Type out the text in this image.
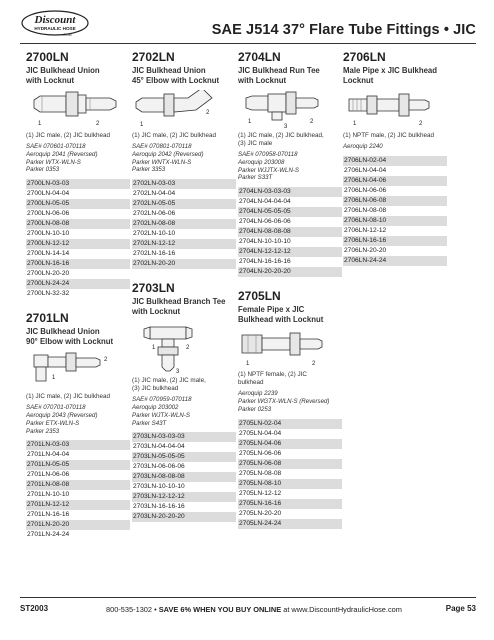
Discount
HYDRAULIC HOSE
.COM	SAE J514 37° Flare Tube Fittings • JIC
2700LN
JIC Bulkhead Union
with Locknut
1	2
(1) JIC male, (2) JIC bulkhead
SAE# 070601-070118
Aeroquip 2041 (Reversed)
Parker WTX-WLN-S
Parker 0353
2700LN-03-03
2700LN-04-04
2700LN-05-05
2700LN-06-06
2700LN-08-08
2700LN-10-10
2700LN-12-12
2700LN-14-14
2700LN-16-16
2700LN-20-20
2700LN-24-24
2700LN-32-32
2701LN
JIC Bulkhead Union
90° Elbow with Locknut
1
2
(1) JIC male, (2) JIC bulkhead
SAE# 070701-070118
Aeroquip 2043 (Reversed)
Parker ETX-WLN-S
Parker 2353
2701LN-03-03
2701LN-04-04
2701LN-05-05
2701LN-06-06
2701LN-08-08
2701LN-10-10
2701LN-12-12
2701LN-16-16
2701LN-20-20
2701LN-24-24
2702LN
JIC Bulkhead Union
45° Elbow with Locknut
1
2
(1) JIC male, (2) JIC bulkhead
SAE# 070801-070118
Aeroquip 2042 (Reversed)
Parker WNTX-WLN-S
Parker 3353
2702LN-03-03
2702LN-04-04
2702LN-05-05
2702LN-06-06
2702LN-08-08
2702LN-10-10
2702LN-12-12
2702LN-16-16
2702LN-20-20
2703LN
JIC Bulkhead Branch Tee
with Locknut
1	2
3
(1) JIC male, (2) JIC male,
(3) JIC bulkhead
SAE# 070959-070118
Aeroquip 203002
Parker WJTX-WLN-S
Parker S43T
2703LN-03-03-03
2703LN-04-04-04
2703LN-05-05-05
2703LN-06-06-06
2703LN-08-08-08
2703LN-10-10-10
2703LN-12-12-12
2703LN-16-16-16
2703LN-20-20-20
2704LN
JIC Bulkhead Run Tee
with Locknut
1	2
3
(1) JIC male, (2) JIC bulkhead,
(3) JIC male
SAE# 070958-070118
Aeroquip 203008
Parker WJJTX-WLN-S
Parker S33T
2704LN-03-03-03
2704LN-04-04-04
2704LN-05-05-05
2704LN-06-06-06
2704LN-08-08-08
2704LN-10-10-10
2704LN-12-12-12
2704LN-16-16-16
2704LN-20-20-20
2705LN
Female Pipe x JIC
Bulkhead with Locknut
1	2
(1) NPTF female, (2) JIC
bulkhead
Aeroquip 2239
Parker WGTX-WLN-S (Reversed)
Parker 0253
2705LN-02-04
2705LN-04-04
2705LN-04-06
2705LN-06-06
2705LN-06-08
2705LN-08-08
2705LN-08-10
2705LN-12-12
2705LN-16-16
2705LN-20-20
2705LN-24-24
2706LN
Male Pipe x JIC Bulkhead
Locknut
1	2
(1) NPTF male, (2) JIC bulkhead
Aeroquip 2240
2706LN-02-04
2706LN-04-04
2706LN-04-06
2706LN-06-06
2706LN-06-08
2706LN-08-08
2706LN-08-10
2706LN-12-12
2706LN-16-16
2706LN-20-20
2706LN-24-24
ST2003	800-535-1302 • SAVE 6% WHEN YOU BUY ONLINE at www.DiscountHydraulicHose.com	Page 53
